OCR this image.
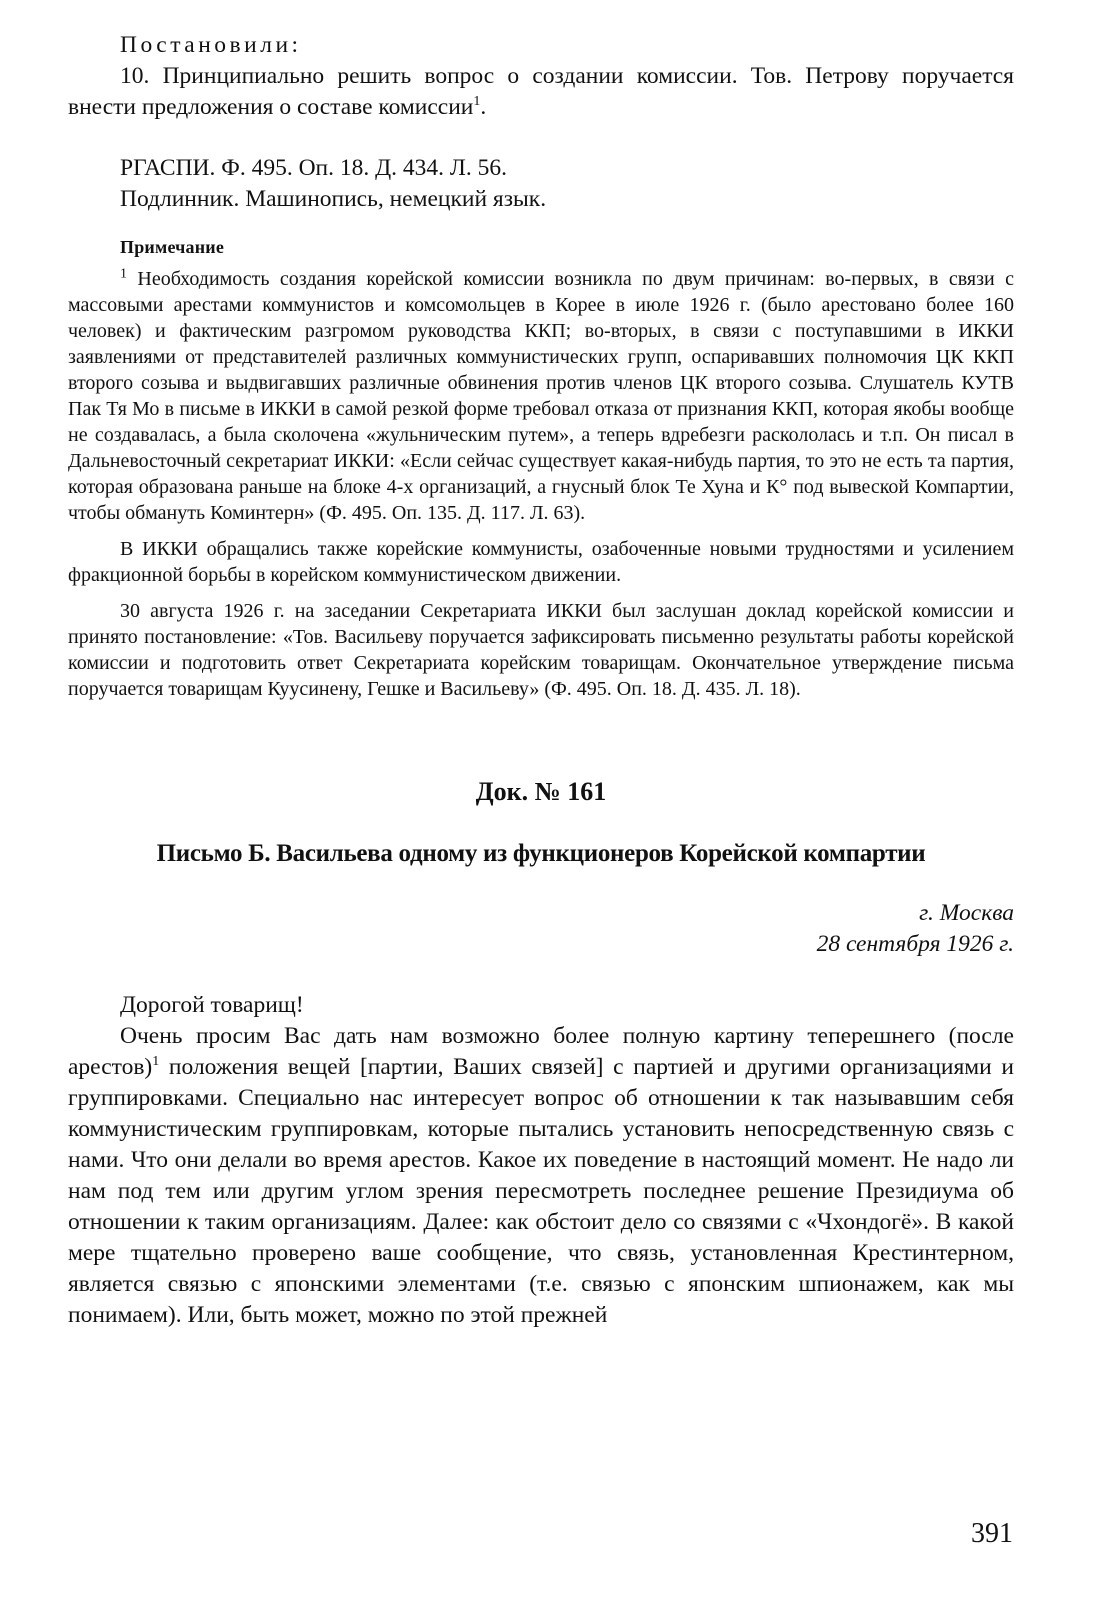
Постановили:

10. Принципиально решить вопрос о создании комиссии. Тов. Петрову поручается внести предложения о составе комиссии$^1$.

РГАСПИ. Ф. 495. Оп. 18. Д. 434. Л. 56.
Подлинник. Машинопись, немецкий язык.
Примечание

$^1$ Необходимость создания корейской комиссии возникла по двум причинам: во-первых, в связи с массовыми арестами коммунистов и комсомольцев в Корее в июле 1926 г. (было арестовано более 160 человек) и фактическим разгромом руководства ККП; во-вторых, в связи с поступавшими в ИККИ заявлениями от представителей различных коммунистических групп, оспаривавших полномочия ЦК ККП второго созыва и выдвигавших различные обвинения против членов ЦК второго созыва. Слушатель КУТВ Пак Тя Мо в письме в ИККИ в самой резкой форме требовал отказа от признания ККП, которая якобы вообще не создавалась, а была сколочена «жульническим путем», а теперь вдребезги раскололась и т.п. Он писал в Дальневосточный секретариат ИККИ: «Если сейчас существует какая-нибудь партия, то это не есть та партия, которая образована раньше на блоке 4-х организаций, а гнусный блок Те Хуна и К° под вывеской Компартии, чтобы обмануть Коминтерн» (Ф. 495. Оп. 135. Д. 117. Л. 63).

В ИККИ обращались также корейские коммунисты, озабоченные новыми трудностями и усилением фракционной борьбы в корейском коммунистическом движении.

30 августа 1926 г. на заседании Секретариата ИККИ был заслушан доклад корейской комиссии и принято постановление: «Тов. Васильеву поручается зафиксировать письменно результаты работы корейской комиссии и подготовить ответ Секретариата корейским товарищам. Окончательное утверждение письма поручается товарищам Куусинену, Гешке и Васильеву» (Ф. 495. Оп. 18. Д. 435. Л. 18).

Док. № 161
Письмо Б. Васильева одному из функционеров Корейской компартии
г. Москва
28 сентября 1926 г.

Дорогой товарищ!

Очень просим Вас дать нам возможно более полную картину теперешнего (после арестов)$^1$ положения вещей [партии, Ваших связей] с партией и другими организациями и группировками. Специально нас интересует вопрос об отношении к так называвшим себя коммунистическим группировкам, которые пытались установить непосредственную связь с нами. Что они делали во время арестов. Какое их поведение в настоящий момент. Не надо ли нам под тем или другим углом зрения пересмотреть последнее решение Президиума об отношении к таким организациям. Далее: как обстоит дело со связями с «Чхондогё». В какой мере тщательно проверено ваше сообщение, что связь, установленная Крестинтерном, является связью с японскими элементами (т.е. связью с японским шпионажем, как мы понимаем). Или, быть может, можно по этой прежней

391
